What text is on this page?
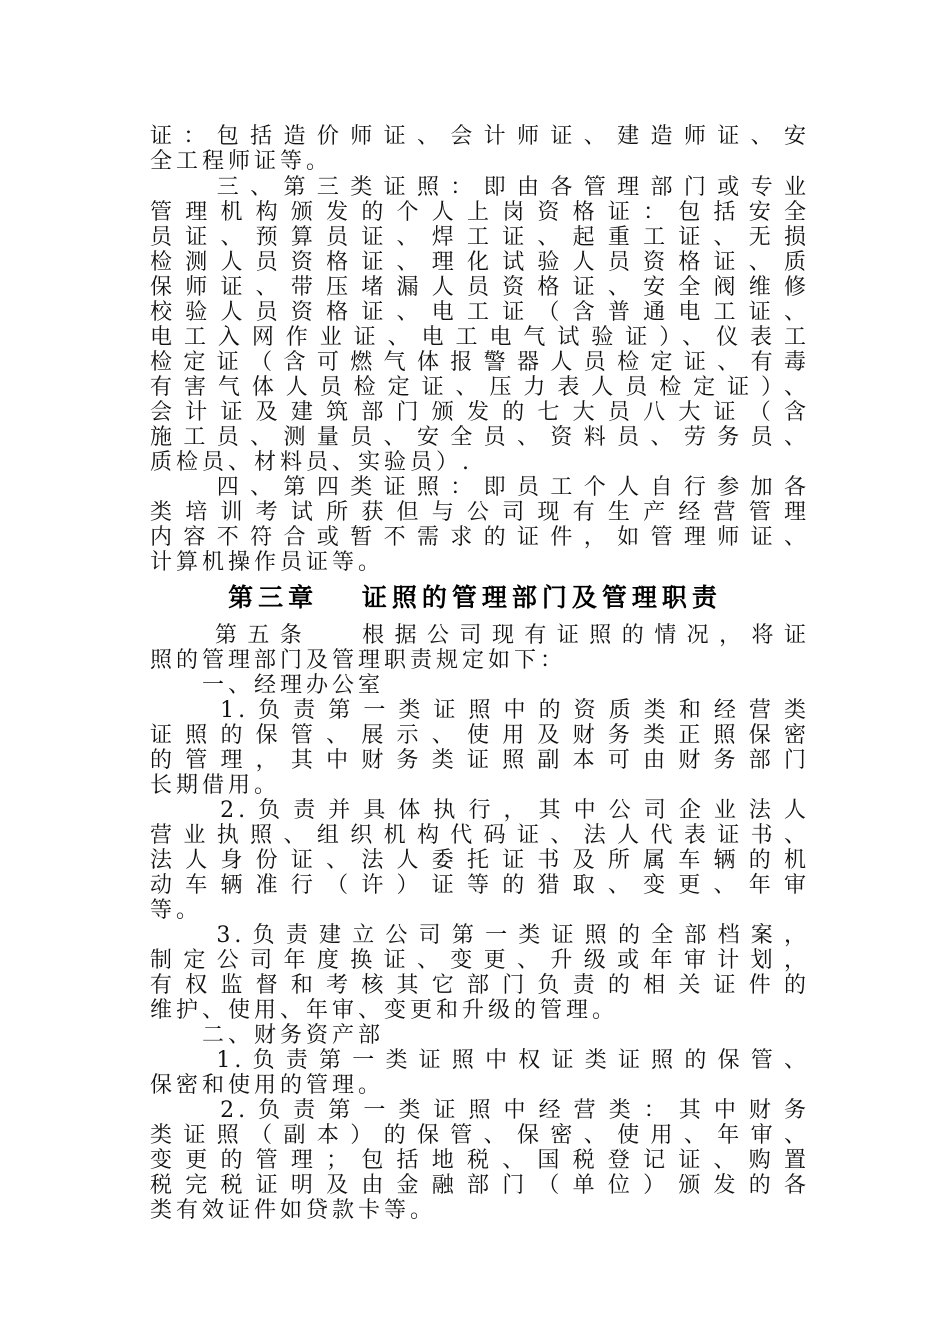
证：包括造价师证、会计师证、建造师证、安
全工程师证等。
　　三、第三类证照：即由各管理部门或专业
管理机构颁发的个人上岗资格证：包括安全
员证、预算员证、焊工证、起重工证、无损
检测人员资格证、理化试验人员资格证、质
保师证、带压堵漏人员资格证、安全阀维修
校验人员资格证、电工证（含普通电工证、
电工入网作业证、电工电气试验证）、仪表工
检定证（含可燃气体报警器人员检定证、有毒
有害气体人员检定证、压力表人员检定证）、
会计证及建筑部门颁发的七大员八大证（含
施工员、测量员、安全员、资料员、劳务员、
质检员、材料员、实验员）.
　　四、第四类证照：即员工个人自行参加各
类培训考试所获但与公司现有生产经营管理
内容不符合或暂不需求的证件，如管理师证、
计算机操作员证等。
第三章　 证照的管理部门及管理职责
　　第五条　 根据公司现有证照的情况，将证
照的管理部门及管理职责规定如下：
　　一、经理办公室
　　1.负责第一类证照中的资质类和经营类
证照的保管、展示、使用及财务类正照保密
的管理，其中财务类证照副本可由财务部门
长期借用。
　　2.负责并具体执行，其中公司企业法人
营业执照、组织机构代码证、法人代表证书、
法人身份证、法人委托证书及所属车辆的机
动车辆准行（许）证等的猎取、变更、年审
等。
　　3.负责建立公司第一类证照的全部档案，
制定公司年度换证、变更、升级或年审计划，
有权监督和考核其它部门负责的相关证件的
维护、使用、年审、变更和升级的管理。
　　二、财务资产部
　　1.负责第一类证照中权证类证照的保管、
保密和使用的管理。
　　2.负责第一类证照中经营类：其中财务
类证照（副本）的保管、保密、使用、年审、
变更的管理；包括地税、国税登记证、购置
税完税证明及由金融部门（单位）颁发的各
类有效证件如贷款卡等。
